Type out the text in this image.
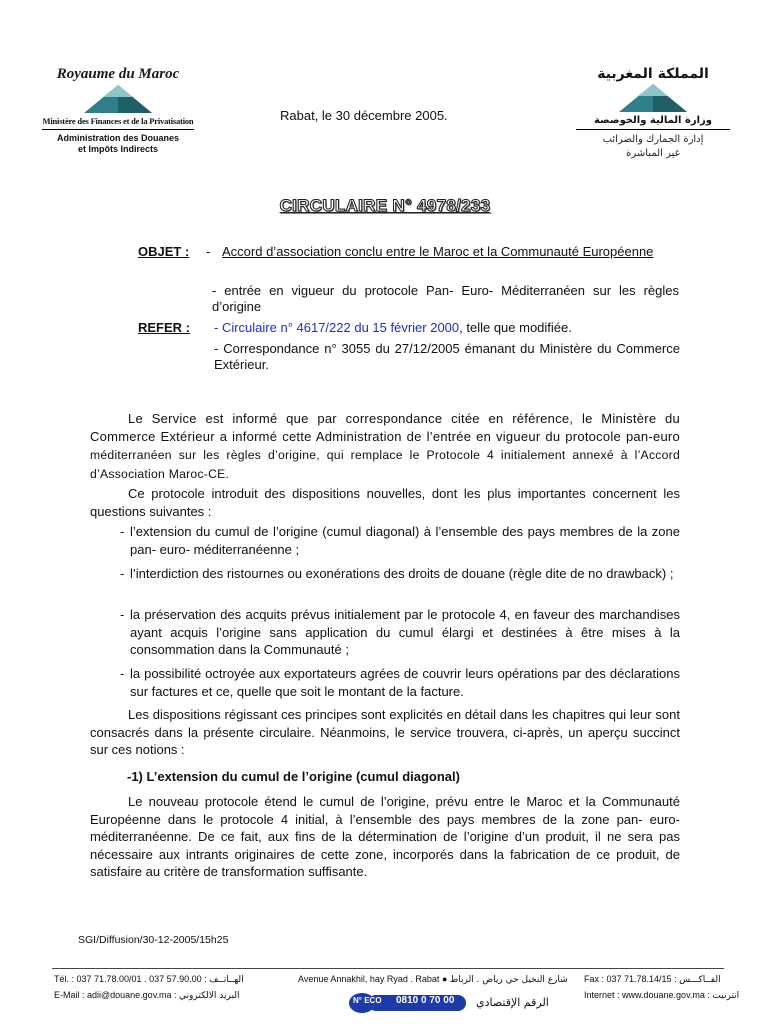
Royaume du Maroc
Ministère des Finances et de la Privatisation
Administration des Douanes
et Impôts Indirects
المملكة المغربية
وزارة المالية والخوصصة
إدارة الجمارك والضرائب
غير المباشرة
Rabat, le 30 décembre 2005.
CIRCULAIRE N° 4978/233
OBJET : - Accord d’association conclu entre le Maroc et la Communauté Européenne
- entrée en vigueur du protocole Pan- Euro- Méditerranéen sur les règles d’origine
REFER : - Circulaire n° 4617/222 du 15 février 2000, telle que modifiée.
- Correspondance n° 3055 du 27/12/2005 émanant du Ministère du Commerce Extérieur.
Le Service est informé que par correspondance citée en référence, le Ministère du Commerce Extérieur a informé cette Administration de l’entrée en vigueur du protocole pan-euro méditerranéen sur les règles d’origine, qui remplace le Protocole 4 initialement annexé à l’Accord d’Association Maroc-CE.
Ce protocole introduit des dispositions nouvelles, dont les plus importantes concernent les questions suivantes :
- l’extension du cumul de l’origine (cumul diagonal) à l’ensemble des pays membres de la zone pan- euro- méditerranéenne ;
- l’interdiction des ristournes ou exonérations des droits de douane (règle dite de no drawback) ;
- la préservation des acquits prévus initialement par le protocole 4, en faveur des marchandises ayant acquis l’origine sans application du cumul élargi et destinées à être mises à la consommation dans la Communauté ;
- la possibilité octroyée aux exportateurs agrées de couvrir leurs opérations par des déclarations sur factures et ce, quelle que soit le montant de la facture.
Les dispositions régissant ces principes sont explicités en détail dans les chapitres qui leur sont consacrés dans la présente circulaire. Néanmoins, le service trouvera, ci-après, un aperçu succinct sur ces notions :
-1) L’extension du cumul de l’origine (cumul diagonal)
Le nouveau protocole étend le cumul de l’origine, prévu entre le Maroc et la Communauté Européenne dans le protocole 4 initial, à l’ensemble des pays membres de la zone pan- euro- méditerranéenne. De ce fait, aux fins de la détermination de l’origine d’un produit, il ne sera pas nécessaire aux intrants originaires de cette zone, incorporés dans la fabrication de ce produit, de satisfaire au critère de transformation suffisante.
SGI/Diffusion/30-12-2005/15h25
Tél. : 037 71.78.00/01 . 037 57.90.00 : الهــاتــف
E-Mail : adii@douane.gov.ma : البريد الالكتروني
Avenue Annakhil, hay Ryad . Rabat ● شارع النخيل حي رياض . الرباط
N° ECO 0810 0 70 00 الرقم الإقتصادي
Fax : 037 71.78.14/15 : الفــاكـــس
Internet : www.douane.gov.ma : انترنيت
